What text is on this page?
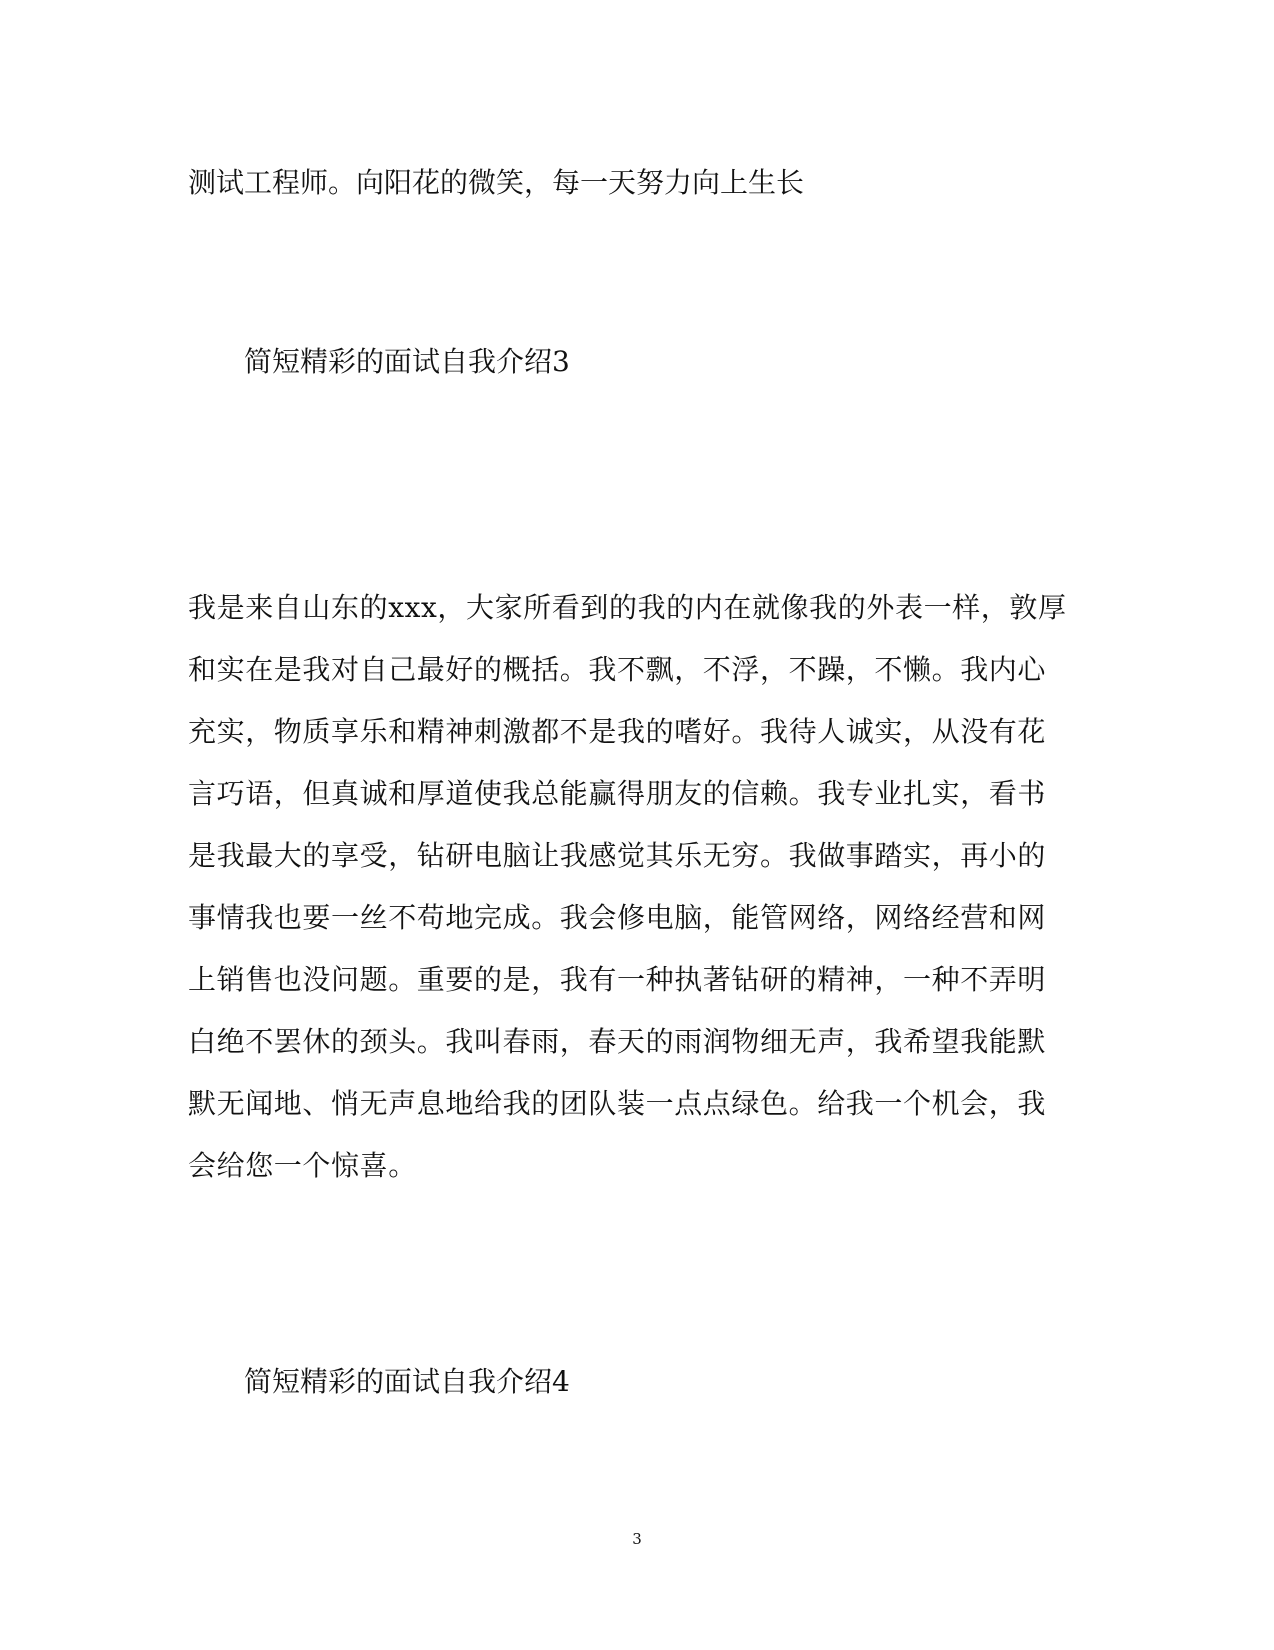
测试工程师。向阳花的微笑，每一天努力向上生长
简短精彩的面试自我介绍3
我是来自山东的xxx，大家所看到的我的内在就像我的外表一样，敦厚
和实在是我对自己最好的概括。我不飘，不浮，不躁，不懒。我内心
充实，物质享乐和精神刺激都不是我的嗜好。我待人诚实，从没有花
言巧语，但真诚和厚道使我总能赢得朋友的信赖。我专业扎实，看书
是我最大的享受，钻研电脑让我感觉其乐无穷。我做事踏实，再小的
事情我也要一丝不苟地完成。我会修电脑，能管网络，网络经营和网
上销售也没问题。重要的是，我有一种执著钻研的精神，一种不弄明
白绝不罢休的颈头。我叫春雨，春天的雨润物细无声，我希望我能默
默无闻地、悄无声息地给我的团队装一点点绿色。给我一个机会，我
会给您一个惊喜。
简短精彩的面试自我介绍4
3
